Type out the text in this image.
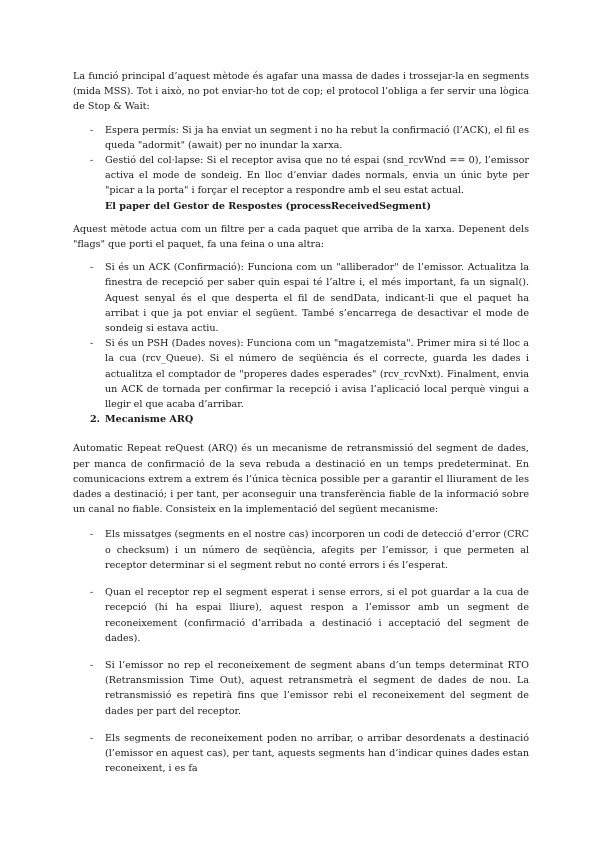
La funció principal d’aquest mètode és agafar una massa de dades i trossejar-la en segments (mida MSS). Tot i això, no pot enviar-ho tot de cop; el protocol l’obliga a fer servir una lògica de Stop & Wait:

- Espera permís: Si ja ha enviat un segment i no ha rebut la confirmació (l’ACK), el fil es queda "adormit" (await) per no inundar la xarxa.
- Gestió del col·lapse: Si el receptor avisa que no té espai (snd_rcvWnd == 0), l’emissor activa el mode de sondeig. En lloc d’enviar dades normals, envia un únic byte per "picar a la porta" i forçar el receptor a respondre amb el seu estat actual.
El paper del Gestor de Respostes (processReceivedSegment)

Aquest mètode actua com un filtre per a cada paquet que arriba de la xarxa. Depenent dels "flags" que porti el paquet, fa una feina o una altra:

- Si és un ACK (Confirmació): Funciona com un "alliberador" de l’emissor. Actualitza la finestra de recepció per saber quin espai té l’altre i, el més important, fa un signal(). Aquest senyal és el que desperta el fil de sendData, indicant-li que el paquet ha arribat i que ja pot enviar el següent. També s’encarrega de desactivar el mode de sondeig si estava actiu.
- Si és un PSH (Dades noves): Funciona com un "magatzemista". Primer mira si té lloc a la cua (rcv_Queue). Si el número de seqüència és el correcte, guarda les dades i actualitza el comptador de "properes dades esperades" (rcv_rcvNxt). Finalment, envia un ACK de tornada per confirmar la recepció i avisa l’aplicació local perquè vingui a llegir el que acaba d’arribar.
2. Mecanisme ARQ

Automatic Repeat reQuest (ARQ) és un mecanisme de retransmissió del segment de dades, per manca de confirmació de la seva rebuda a destinació en un temps predeterminat. En comunicacions extrem a extrem és l’única tècnica possible per a garantir el lliurament de les dades a destinació; i per tant, per aconseguir una transferència fiable de la informació sobre un canal no fiable. Consisteix en la implementació del següent mecanisme:

- Els missatges (segments en el nostre cas) incorporen un codi de detecció d’error (CRC o checksum) i un número de seqüència, afegits per l’emissor, i que permeten al receptor determinar si el segment rebut no conté errors i és l’esperat.
- Quan el receptor rep el segment esperat i sense errors, si el pot guardar a la cua de recepció (hi ha espai lliure), aquest respon a l’emissor amb un segment de reconeixement (confirmació d’arribada a destinació i acceptació del segment de dades).
- Si l’emissor no rep el reconeixement de segment abans d’un temps determinat RTO (Retransmission Time Out), aquest retransmetrà el segment de dades de nou. La retransmissió es repetirà fins que l’emissor rebi el reconeixement del segment de dades per part del receptor.
- Els segments de reconeixement poden no arribar, o arribar desordenats a destinació (l’emissor en aquest cas), per tant, aquests segments han d’indicar quines dades estan reconeixent, i es fa
